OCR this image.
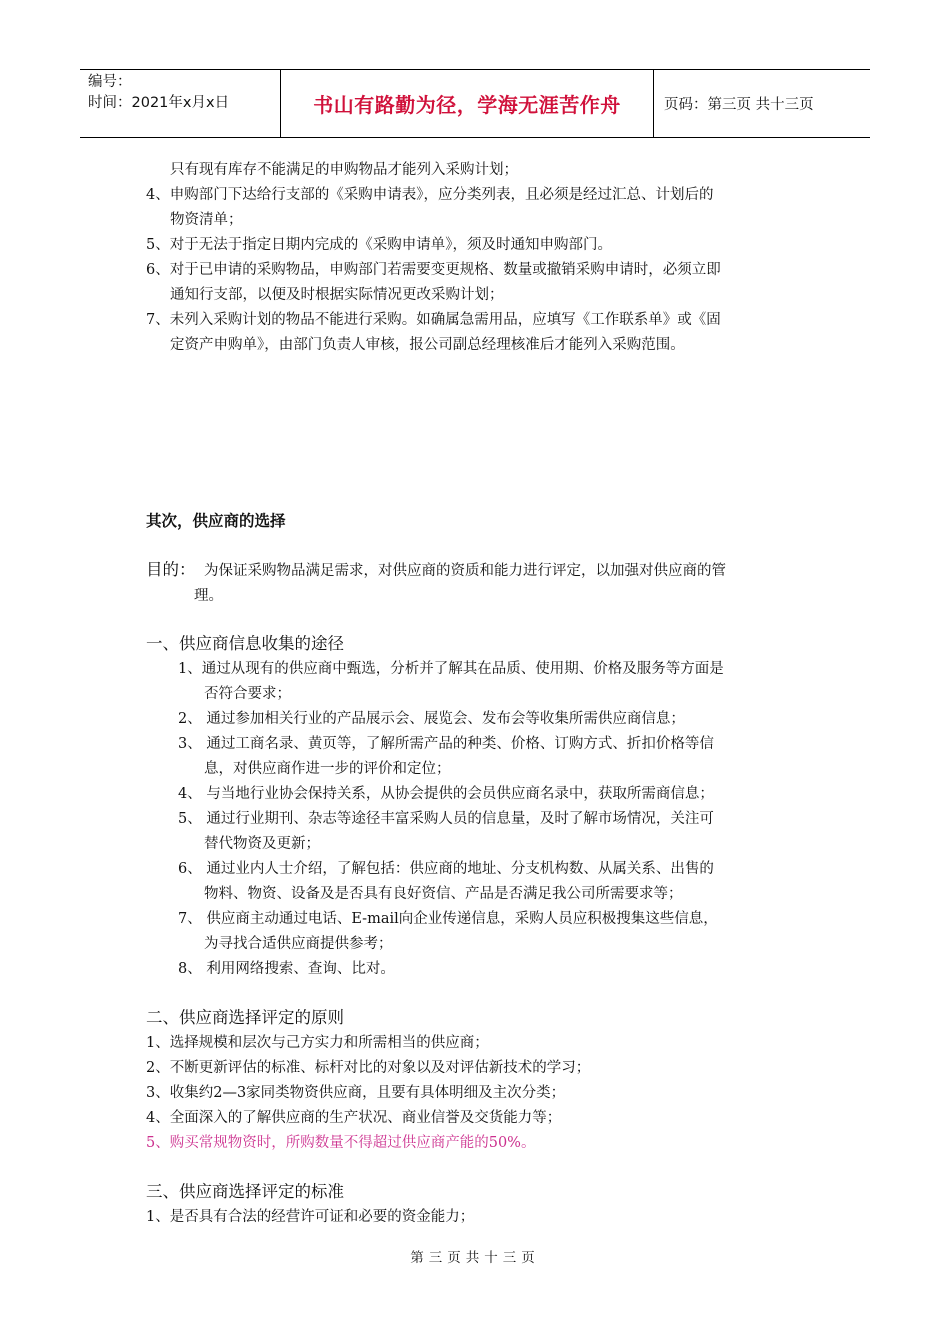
编号：
时间：2021年x月x日	书山有路勤为径，学海无涯苦作舟	页码：第三页 共十三页
只有现有库存不能满足的申购物品才能列入采购计划；
4、申购部门下达给行支部的《采购申请表》，应分类列表，且必须是经过汇总、计划后的
物资清单；
5、对于无法于指定日期内完成的《采购申请单》，须及时通知申购部门。
6、对于已申请的采购物品，申购部门若需要变更规格、数量或撤销采购申请时，必须立即
通知行支部，以便及时根据实际情况更改采购计划；
7、未列入采购计划的物品不能进行采购。如确属急需用品，应填写《工作联系单》或《固
定资产申购单》，由部门负责人审核，报公司副总经理核准后才能列入采购范围。
其次，供应商的选择
目的： 为保证采购物品满足需求，对供应商的资质和能力进行评定，以加强对供应商的管
理。
一、供应商信息收集的途径
1、通过从现有的供应商中甄选，分析并了解其在品质、使用期、价格及服务等方面是
否符合要求；
2、 通过参加相关行业的产品展示会、展览会、发布会等收集所需供应商信息；
3、 通过工商名录、黄页等，了解所需产品的种类、价格、订购方式、折扣价格等信
息，对供应商作进一步的评价和定位；
4、 与当地行业协会保持关系，从协会提供的会员供应商名录中，获取所需商信息；
5、 通过行业期刊、杂志等途径丰富采购人员的信息量，及时了解市场情况，关注可
替代物资及更新；
6、 通过业内人士介绍，了解包括：供应商的地址、分支机构数、从属关系、出售的
物料、物资、设备及是否具有良好资信、产品是否满足我公司所需要求等；
7、 供应商主动通过电话、E-mail向企业传递信息，采购人员应积极搜集这些信息，
为寻找合适供应商提供参考；
8、 利用网络搜索、查询、比对。
二、供应商选择评定的原则
1、选择规模和层次与己方实力和所需相当的供应商；
2、不断更新评估的标准、标杆对比的对象以及对评估新技术的学习；
3、收集约2—3家同类物资供应商，且要有具体明细及主次分类；
4、全面深入的了解供应商的生产状况、商业信誉及交货能力等；
5、购买常规物资时，所购数量不得超过供应商产能的50%。
三、供应商选择评定的标准
1、是否具有合法的经营许可证和必要的资金能力；
第三页共十三页
